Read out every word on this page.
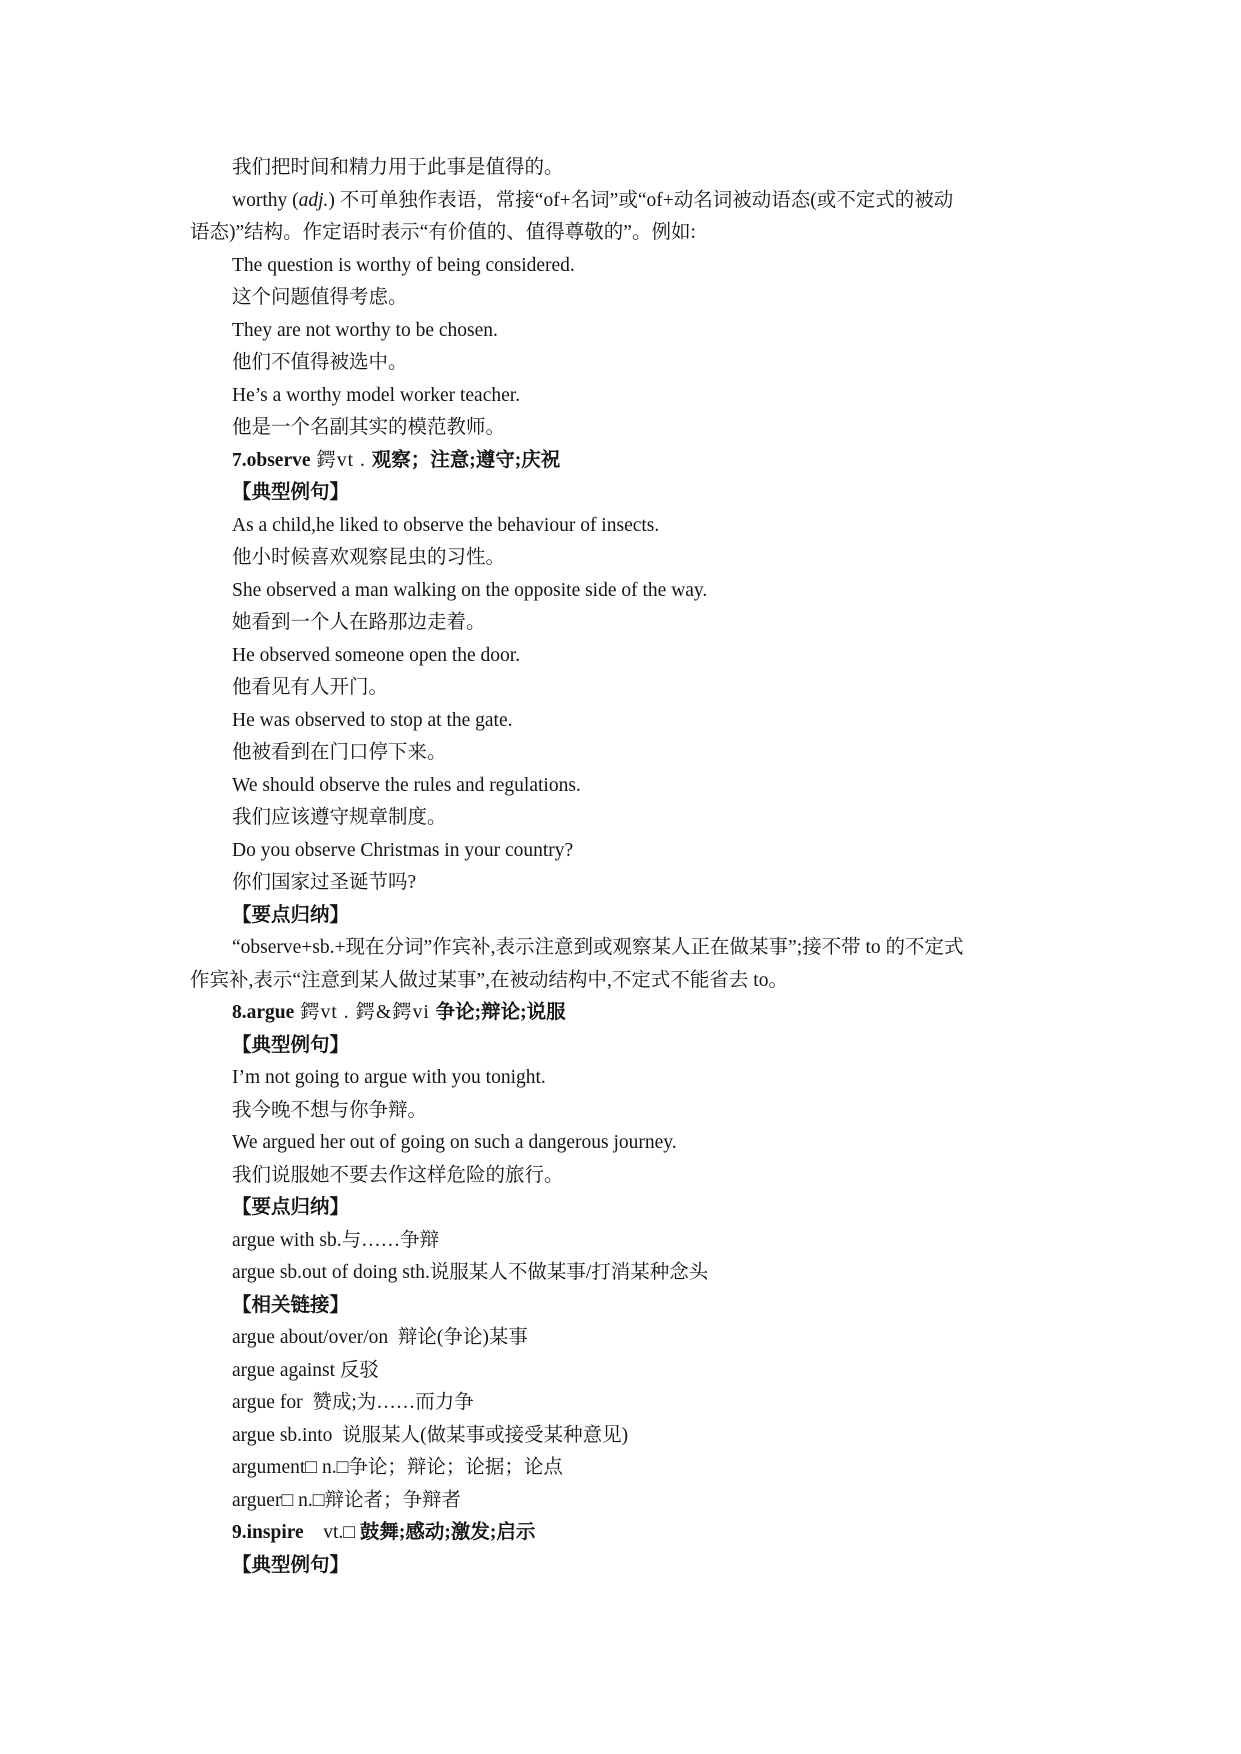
我们把时间和精力用于此事是值得的。
worthy (adj.) 不可单独作表语，常接“of+名词”或“of+动名词被动语态(或不定式的被动
语态)”结构。作定语时表示“有价值的、值得尊敬的”。例如:
The question is worthy of being considered.
这个问题值得考虑。
They are not worthy to be chosen.
他们不值得被选中。
He’s a worthy model worker teacher.
他是一个名副其实的模范教师。
7.observe 鍔vt . 观察；注意;遵守;庆祝
【典型例句】
As a child,he liked to observe the behaviour of insects.
他小时候喜欢观察昆虫的习性。
She observed a man walking on the opposite side of the way.
她看到一个人在路那边走着。
He observed someone open the door.
他看见有人开门。
He was observed to stop at the gate.
他被看到在门口停下来。
We should observe the rules and regulations.
我们应该遵守规章制度。
Do you observe Christmas in your country?
你们国家过圣诞节吗?
【要点归纳】
“observe+sb.+现在分词”作宾补,表示注意到或观察某人正在做某事”;接不带 to 的不定式
作宾补,表示“注意到某人做过某事”,在被动结构中,不定式不能省去 to。
8.argue 鍔vt . 鍔&鍔vi 争论;辩论;说服
【典型例句】
I’m not going to argue with you tonight.
我今晚不想与你争辩。
We argued her out of going on such a dangerous journey.
我们说服她不要去作这样危险的旅行。
【要点归纳】
argue with sb.与……争辩
argue sb.out of doing sth.说服某人不做某事/打消某种念头
【相关链接】
argue about/over/on  辩论(争论)某事
argue against 反驳
argue for  赞成;为……而力争
argue sb.into  说服某人(做某事或接受某种意见)
argument□ n.□争论；辩论；论据；论点
arguer□ n.□辩论者；争辩者
9.inspire    vt.□ 鼓舞;感动;激发;启示
【典型例句】
